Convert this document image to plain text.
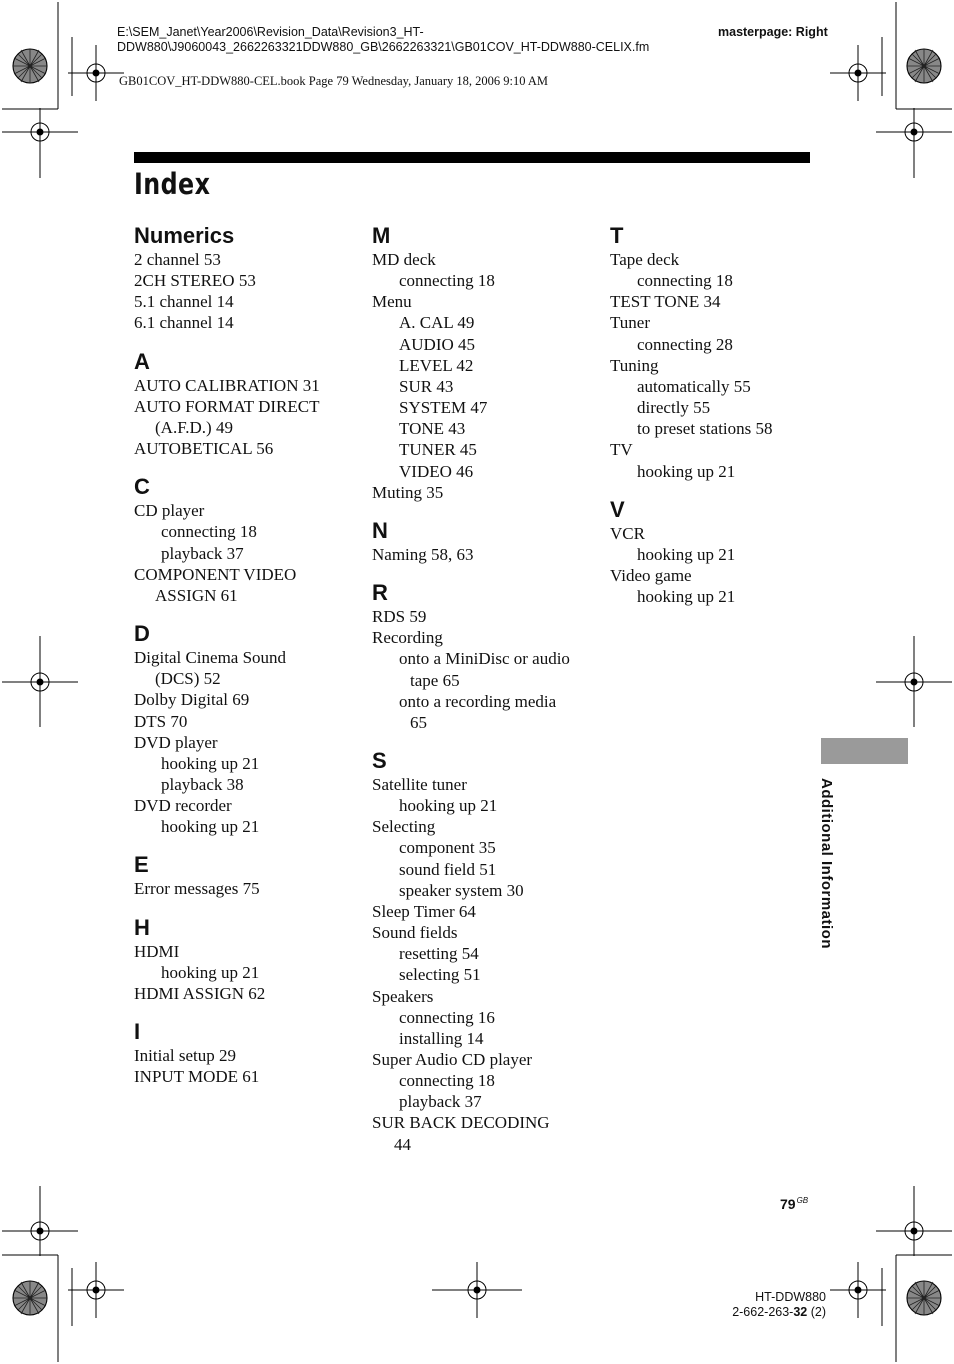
E:\SEM_Janet\Year2006\Revision_Data\Revision3_HT-
DDW880\J9060043_2662263321DDW880_GB\2662263321\GB01COV_HT-DDW880-CELIX.fm
masterpage: Right
GB01COV_HT-DDW880-CEL.book Page 79 Wednesday, January 18, 2006 9:10 AM
Index
Numerics
2 channel 53
2CH STEREO 53
5.1 channel 14
6.1 channel 14
A
AUTO CALIBRATION 31
AUTO FORMAT DIRECT
(A.F.D.) 49
AUTOBETICAL 56
C
CD player
connecting 18
playback 37
COMPONENT VIDEO
ASSIGN 61
D
Digital Cinema Sound
(DCS) 52
Dolby Digital 69
DTS 70
DVD player
hooking up 21
playback 38
DVD recorder
hooking up 21
E
Error messages 75
H
HDMI
hooking up 21
HDMI ASSIGN 62
I
Initial setup 29
INPUT MODE 61
M
MD deck
connecting 18
Menu
A. CAL 49
AUDIO 45
LEVEL 42
SUR 43
SYSTEM 47
TONE 43
TUNER 45
VIDEO 46
Muting 35
N
Naming 58, 63
R
RDS 59
Recording
onto a MiniDisc or audio
tape 65
onto a recording media
65
S
Satellite tuner
hooking up 21
Selecting
component 35
sound field 51
speaker system 30
Sleep Timer 64
Sound fields
resetting 54
selecting 51
Speakers
connecting 16
installing 14
Super Audio CD player
connecting 18
playback 37
SUR BACK DECODING
44
T
Tape deck
connecting 18
TEST TONE 34
Tuner
connecting 28
Tuning
automatically 55
directly 55
to preset stations 58
TV
hooking up 21
V
VCR
hooking up 21
Video game
hooking up 21
Additional Information
$79^{GB}$
HT-DDW880
2-662-263-32 (2)
